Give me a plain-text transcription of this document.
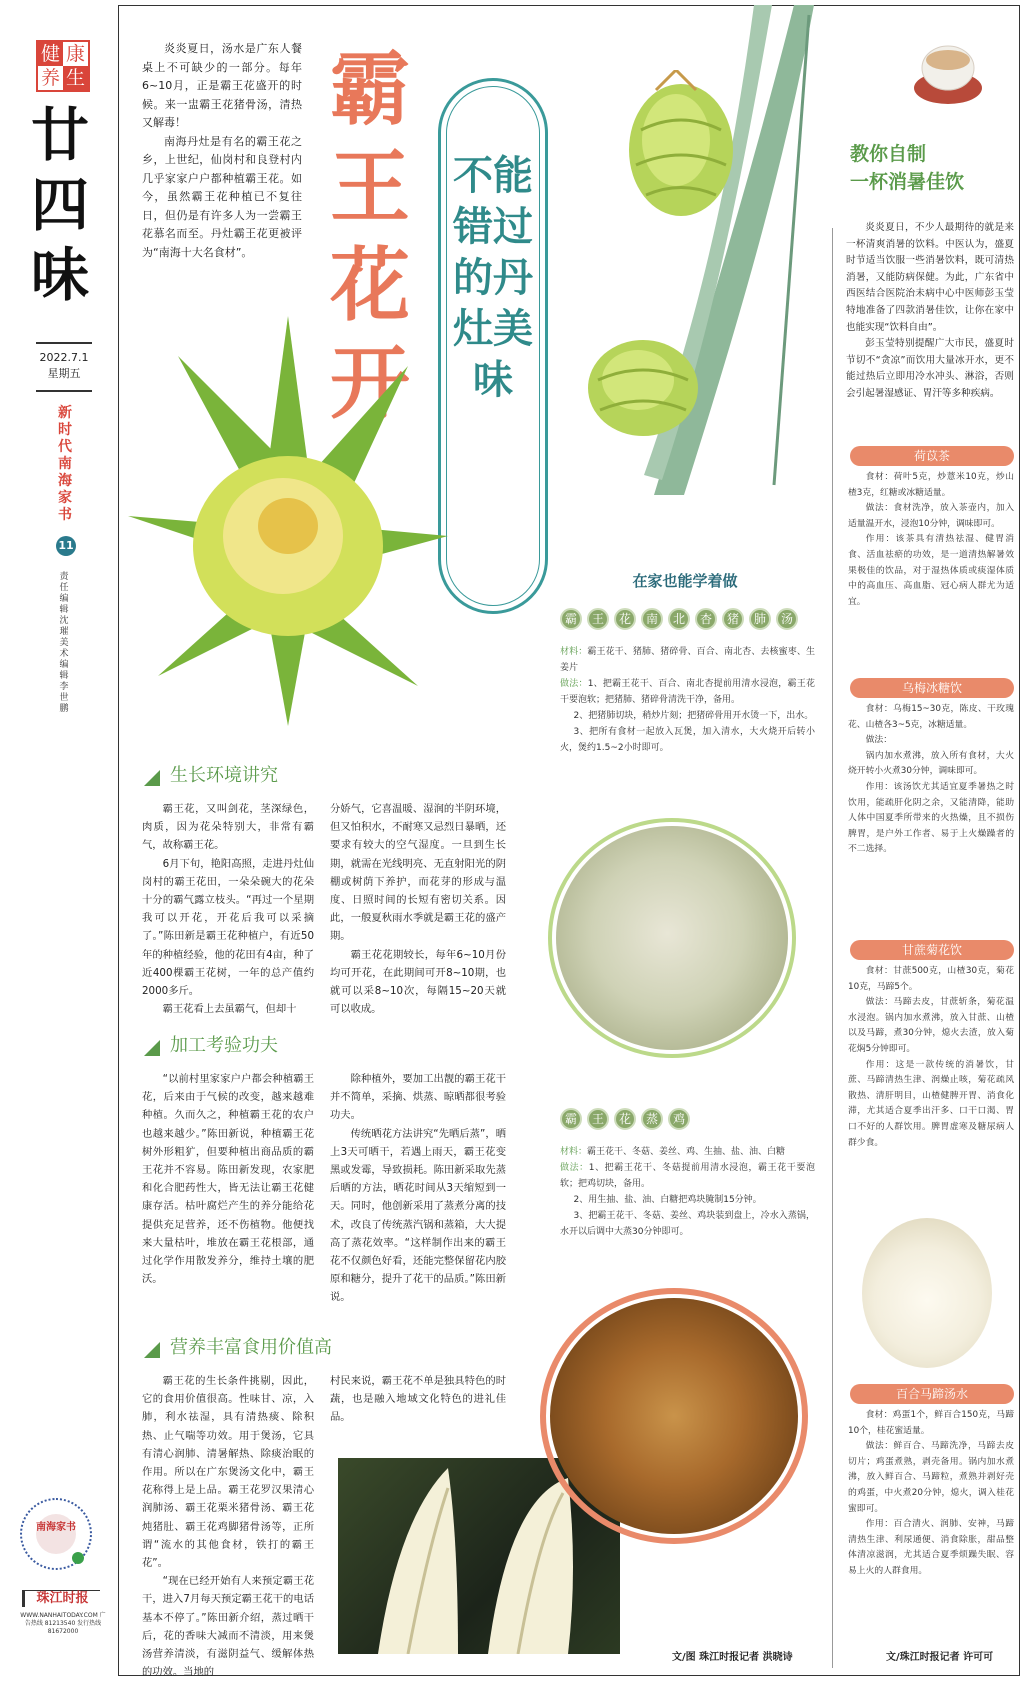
健 康
养 生
廿四味
2022.7.1
星期五
新时代南海家书
11
责任编辑 沈璀 美术编辑 李世鹏
南海家书
珠江时报
WWW.NANHAITODAY.COM 广告热线 81213540 发行热线 81672000

炎炎夏日，汤水是广东人餐桌上不可缺少的一部分。每年6~10月，正是霸王花盛开的时候。来一盅霸王花猪骨汤，清热又解毒！

南海丹灶是有名的霸王花之乡，上世纪，仙岗村和良登村内几乎家家户户都种植霸王花。如今，虽然霸王花种植已不复往日，但仍是有许多人为一尝霸王花慕名而至。丹灶霸王花更被评为“南海十大名食材”。

霸王花开
不能错过的丹灶美味
生长环境讲究

霸王花，又叫剑花，茎深绿色，肉质，因为花朵特别大，非常有霸气，故称霸王花。

6月下旬，艳阳高照，走进丹灶仙岗村的霸王花田，一朵朵碗大的花朵十分的霸气露立枝头。“再过一个星期我可以开花，开花后我可以采摘了。”陈田新是霸王花种植户，有近50年的种植经验，他的花田有4亩，种了近400棵霸王花树，一年的总产值约2000多斤。

霸王花看上去虽霸气，但却十

分娇气，它喜温暖、湿润的半阴环境，但又怕积水，不耐寒又忌烈日暴晒，还要求有较大的空气湿度。一旦到生长期，就需在光线明亮、无直射阳光的阴棚或树荫下养护，而花芽的形成与温度、日照时间的长短有密切关系。因此，一般夏秋雨水季就是霸王花的盛产期。

霸王花花期较长，每年6~10月份均可开花，在此期间可开8~10期，也就可以采8~10次，每隔15~20天就可以收成。

加工考验功夫

“以前村里家家户户都会种植霸王花，后来由于气候的改变，越来越难种植。久而久之，种植霸王花的农户也越来越少。”陈田新说，种植霸王花树外形粗犷，但要种植出商品质的霸王花并不容易。陈田新发现，农家肥和化合肥药性大，皆无法让霸王花健康存活。枯叶腐烂产生的养分能给花提供充足营养，还不伤植物。他便找来大量枯叶，堆放在霸王花根部，通过化学作用散发养分，维持土壤的肥沃。

除种植外，要加工出靓的霸王花干并不简单，采摘、烘蒸、晾晒都很考验功夫。

传统晒花方法讲究“先晒后蒸”，晒上3天可晒干，若遇上雨天，霸王花变黑或发霉，导致损耗。陈田新采取先蒸后晒的方法，晒花时间从3天缩短到一天。同时，他创新采用了蒸煮分离的技术，改良了传统蒸汽锅和蒸箱，大大提高了蒸花效率。“这样制作出来的霸王花不仅颜色好看，还能完整保留花内胶原和糖分，提升了花干的品质。”陈田新说。

营养丰富食用价值高

霸王花的生长条件挑剔，因此，它的食用价值很高。性味甘、凉，入肺，利水祛湿，具有清热痰、除积热、止气喘等功效。用于煲汤，它具有清心润肺、清暑解热、除痰治眠的作用。所以在广东煲汤文化中，霸王花称得上是上品。霸王花罗汉果清心润肺汤、霸王花栗米猪骨汤、霸王花炖猪肚、霸王花鸡脚猪骨汤等，正所谓“流水的其他食材，铁打的霸王花”。

“现在已经开始有人来预定霸王花干，进入7月每天预定霸王花干的电话基本不停了。”陈田新介绍，蒸过晒干后，花的香味大减而不清淡，用来煲汤营养清淡，有滋阴益气、缓解体热的功效。当地的

村民来说，霸王花不单是独具特色的时蔬，也是融入地域文化特色的进礼佳品。

在家也能学着做
霸	王	花	南	北	杏	猪	肺	汤
材料：霸王花干、猪肺、猪碎骨、百合、南北杏、去核蜜枣、生姜片
做法：1、把霸王花干、百合、南北杏提前用清水浸泡，霸王花干要泡软；把猪肺、猪碎骨清洗干净，备用。
2、把猪肺切块，稍炒片刻；把猪碎骨用开水烫一下，出水。
3、把所有食材一起放入瓦煲，加入清水，大火烧开后转小火，煲约1.5~2小时即可。
霸	王	花	蒸	鸡
材料：霸王花干、冬菇、姜丝、鸡、生抽、盐、油、白糖
做法：1、把霸王花干、冬菇提前用清水浸泡，霸王花干要泡软；把鸡切块，备用。
2、用生抽、盐、油、白糖把鸡块腌制15分钟。
3、把霸王花干、冬菇、姜丝、鸡块装到盘上，冷水入蒸锅，水开以后调中大蒸30分钟即可。
文/图 珠江时报记者 洪晓诗
教你自制
一杯消暑佳饮

炎炎夏日，不少人最期待的就是来一杯清爽消暑的饮料。中医认为，盛夏时节适当饮服一些消暑饮料，既可清热消暑，又能防病保健。为此，广东省中西医结合医院治未病中心中医师彭玉莹特地准备了四款消暑佳饮，让你在家中也能实现“饮料自由”。

彭玉莹特别提醒广大市民，盛夏时节切不“贪凉”而饮用大量冰开水，更不能过热后立即用冷水冲头、淋浴，否则会引起暑湿感证、胃汗等多种疾病。

荷苡茶
食材：荷叶5克，炒薏米10克，炒山楂3克，红糖或冰糖适量。
做法：食材洗净，放入茶壶内，加入适量温开水，浸泡10分钟，调味即可。
作用：该茶具有清热祛湿、健胃消食、活血祛瘀的功效，是一道清热解暑效果极佳的饮品，对于湿热体质或痰湿体质中的高血压、高血脂、冠心病人群尤为适宜。
乌梅冰糖饮
食材：乌梅15~30克，陈皮、干玫瑰花、山楂各3~5克，冰糖适量。
做法：
锅内加水煮沸，放入所有食材，大火烧开转小火煮30分钟，调味即可。
作用：该汤饮尤其适宜夏季暑热之时饮用，能疏肝化阴之余，又能清降，能助人体中国夏季所带来的火热燥，且不损伤脾胃，是户外工作者、易于上火燥躁者的不二选择。
甘蔗菊花饮
食材：甘蔗500克，山楂30克，菊花10克，马蹄5个。
做法：马蹄去皮，甘蔗斩条，菊花温水浸泡。锅内加水煮沸，放入甘蔗、山楂以及马蹄，煮30分钟，熄火去渣，放入菊花焖5分钟即可。
作用：这是一款传统的消暑饮，甘蔗、马蹄清热生津、润燥止咳，菊花疏风散热、清肝明目，山楂健脾开胃、消食化滞，尤其适合夏季出汗多、口干口渴、胃口不好的人群饮用。脾胃虚寒及糖尿病人群少食。
百合马蹄汤水
食材：鸡蛋1个，鲜百合150克，马蹄10个，桂花蜜适量。
做法：鲜百合、马蹄洗净，马蹄去皮切片；鸡蛋煮熟，剥壳备用。锅内加水煮沸，放入鲜百合、马蹄粒，煮熟并剥好壳的鸡蛋，中火煮20分钟，熄火，调入桂花蜜即可。
作用：百合清火、润肺、安神，马蹄清热生津、利尿通便、消食除胀，甜品整体清凉滋润，尤其适合夏季烦躁失眠、容易上火的人群食用。
文/珠江时报记者 许可可
